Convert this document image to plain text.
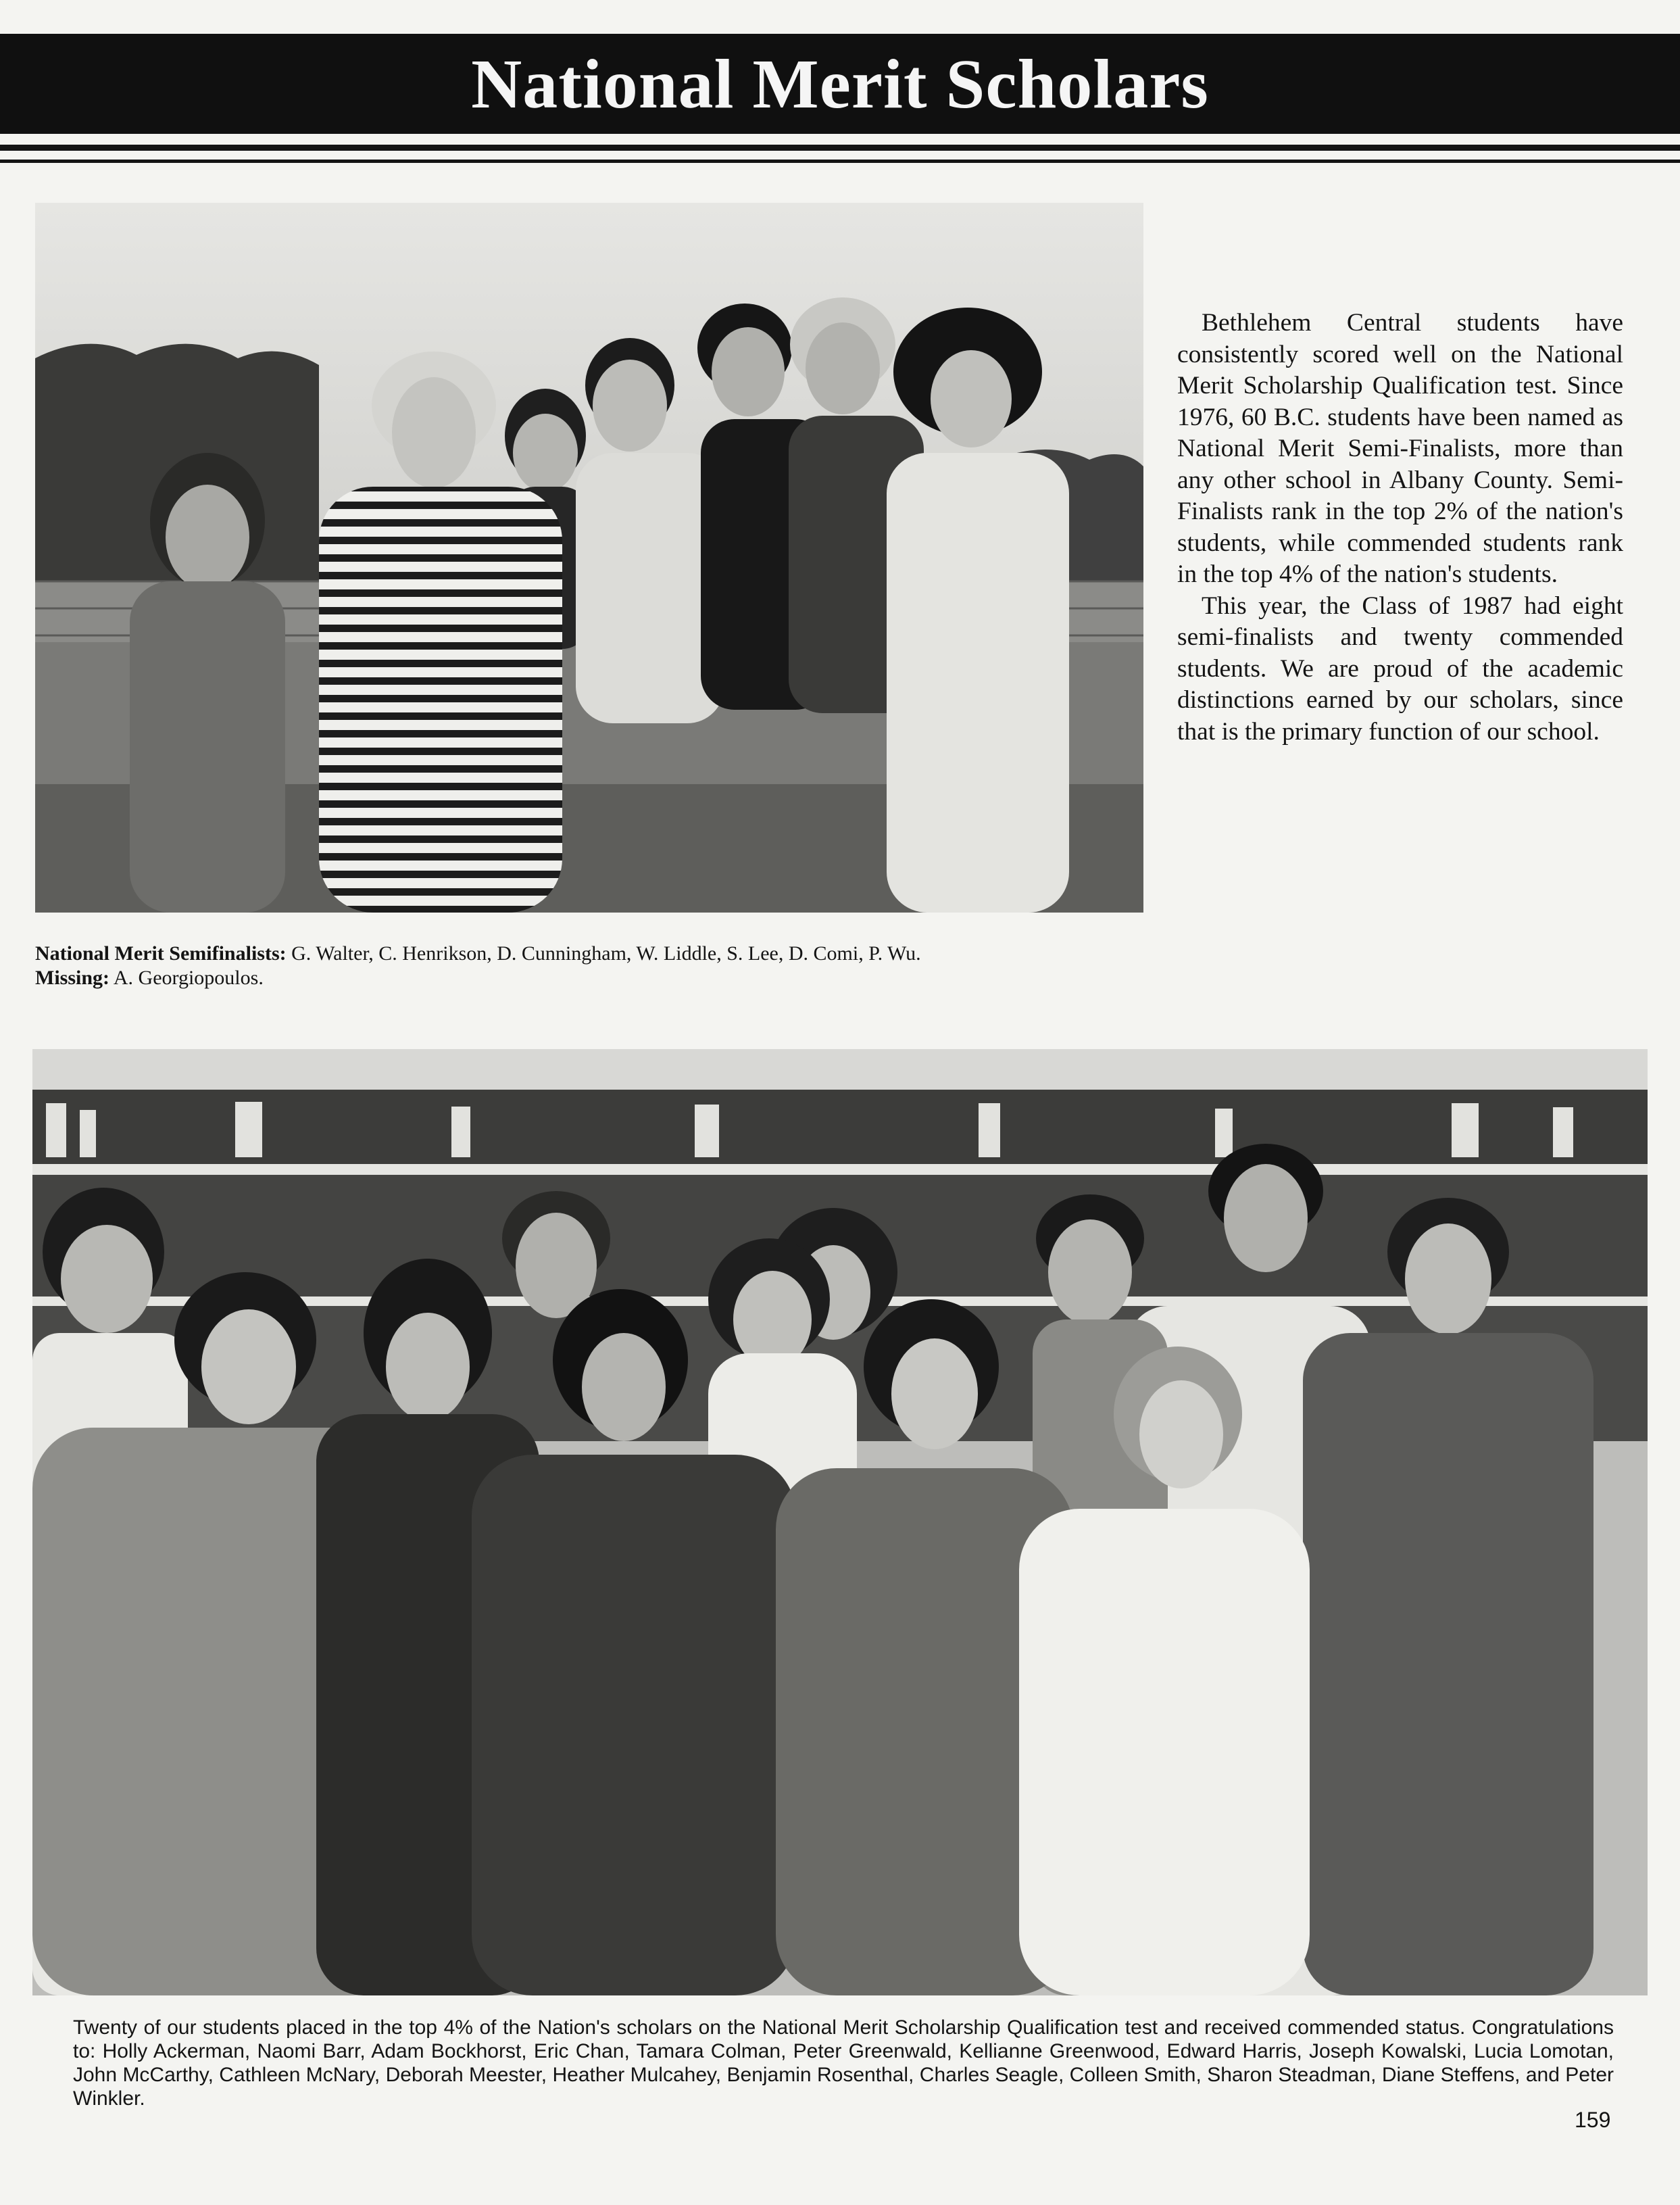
National Merit Scholars

Bethlehem Central students have consistently scored well on the National Merit Scholarship Qualification test. Since 1976, 60 B.C. students have been named as National Merit Semi-Finalists, more than any other school in Albany County. Semi-Finalists rank in the top 2% of the nation's students, while commended students rank in the top 4% of the nation's students.

This year, the Class of 1987 had eight semi-finalists and twenty commended students. We are proud of the academic distinctions earned by our scholars, since that is the primary function of our school.

National Merit Semifinalists: G. Walter, C. Henrikson, D. Cunningham, W. Liddle, S. Lee, D. Comi, P. Wu.
Missing: A. Georgiopoulos.
Twenty of our students placed in the top 4% of the Nation's scholars on the National Merit Scholarship Qualification test and received commended status. Congratulations to: Holly Ackerman, Naomi Barr, Adam Bockhorst, Eric Chan, Tamara Colman, Peter Greenwald, Kellianne Greenwood, Edward Harris, Joseph Kowalski, Lucia Lomotan, John McCarthy, Cathleen McNary, Deborah Meester, Heather Mulcahey, Benjamin Rosenthal, Charles Seagle, Colleen Smith, Sharon Steadman, Diane Steffens, and Peter Winkler.
159
